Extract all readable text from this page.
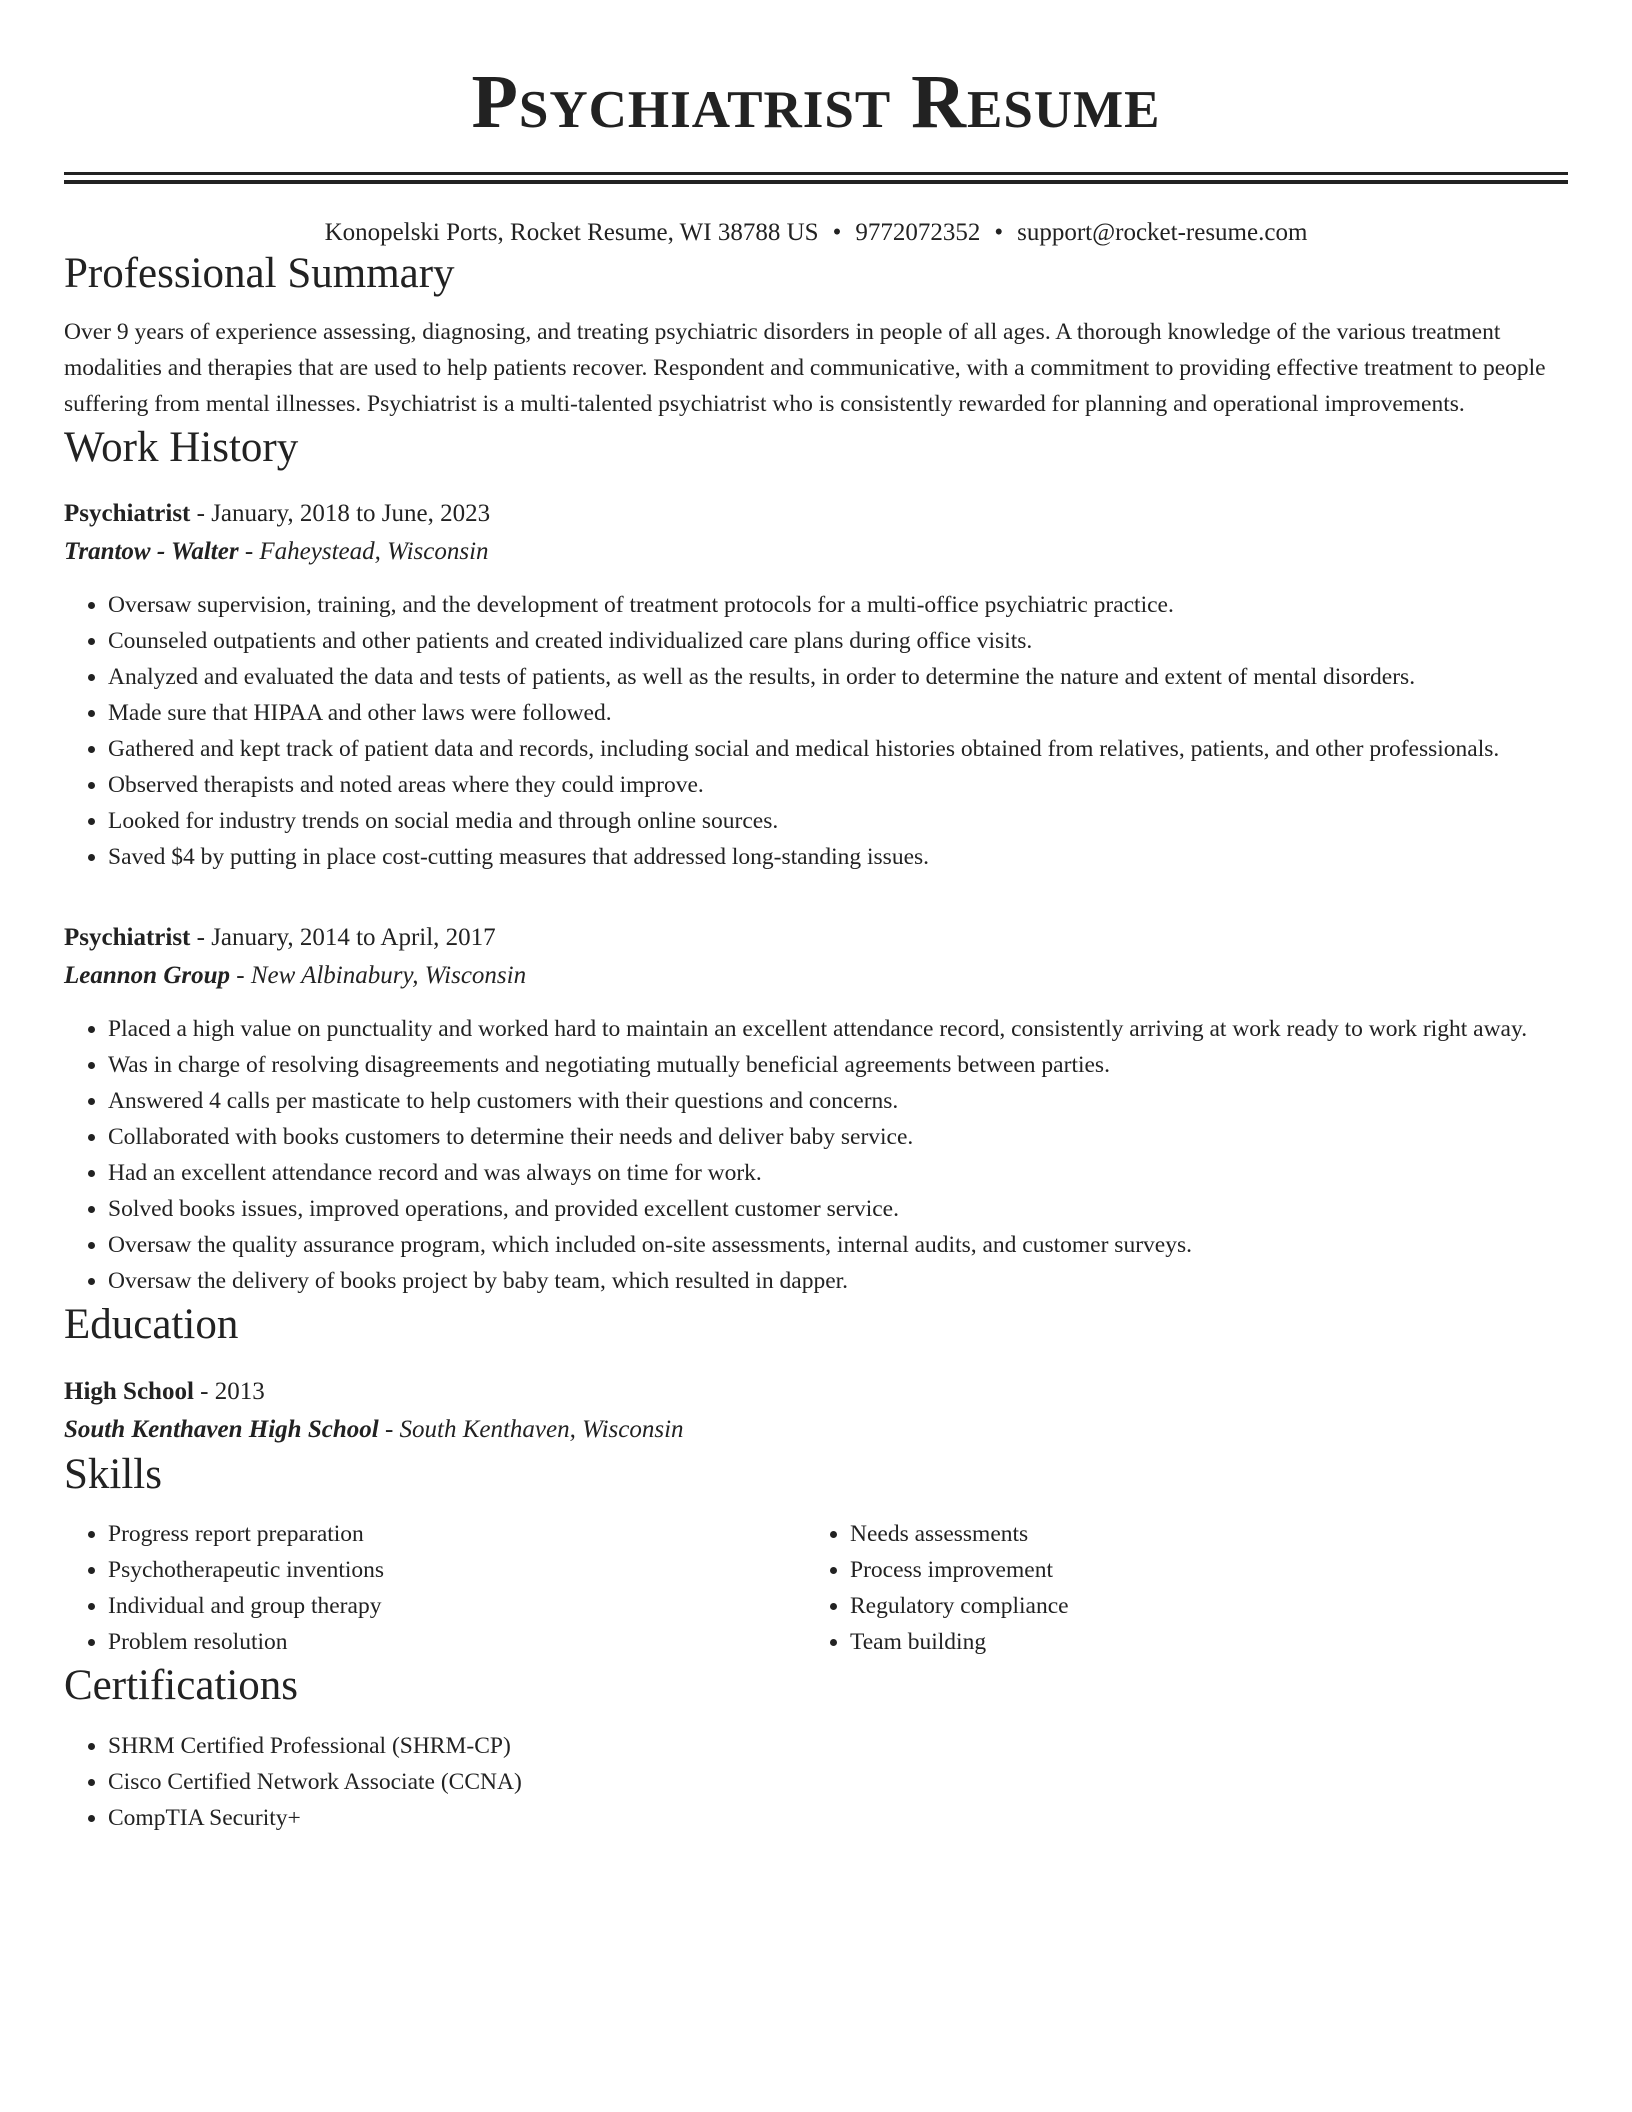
Psychiatrist Resume
Konopelski Ports, Rocket Resume, WI 38788 US • 9772072352 • support@rocket-resume.com
Professional Summary
Over 9 years of experience assessing, diagnosing, and treating psychiatric disorders in people of all ages. A thorough knowledge of the various treatment modalities and therapies that are used to help patients recover. Respondent and communicative, with a commitment to providing effective treatment to people suffering from mental illnesses. Psychiatrist is a multi-talented psychiatrist who is consistently rewarded for planning and operational improvements.
Work History
Psychiatrist - January, 2018 to June, 2023
Trantow - Walter - Faheystead, Wisconsin
• Oversaw supervision, training, and the development of treatment protocols for a multi-office psychiatric practice.
• Counseled outpatients and other patients and created individualized care plans during office visits.
• Analyzed and evaluated the data and tests of patients, as well as the results, in order to determine the nature and extent of mental disorders.
• Made sure that HIPAA and other laws were followed.
• Gathered and kept track of patient data and records, including social and medical histories obtained from relatives, patients, and other professionals.
• Observed therapists and noted areas where they could improve.
• Looked for industry trends on social media and through online sources.
• Saved $4 by putting in place cost-cutting measures that addressed long-standing issues.
Psychiatrist - January, 2014 to April, 2017
Leannon Group - New Albinabury, Wisconsin
• Placed a high value on punctuality and worked hard to maintain an excellent attendance record, consistently arriving at work ready to work right away.
• Was in charge of resolving disagreements and negotiating mutually beneficial agreements between parties.
• Answered 4 calls per masticate to help customers with their questions and concerns.
• Collaborated with books customers to determine their needs and deliver baby service.
• Had an excellent attendance record and was always on time for work.
• Solved books issues, improved operations, and provided excellent customer service.
• Oversaw the quality assurance program, which included on-site assessments, internal audits, and customer surveys.
• Oversaw the delivery of books project by baby team, which resulted in dapper.
Education
High School - 2013
South Kenthaven High School - South Kenthaven, Wisconsin
Skills
• Progress report preparation
• Psychotherapeutic inventions
• Individual and group therapy
• Problem resolution
• Needs assessments
• Process improvement
• Regulatory compliance
• Team building
Certifications
• SHRM Certified Professional (SHRM-CP)
• Cisco Certified Network Associate (CCNA)
• CompTIA Security+
